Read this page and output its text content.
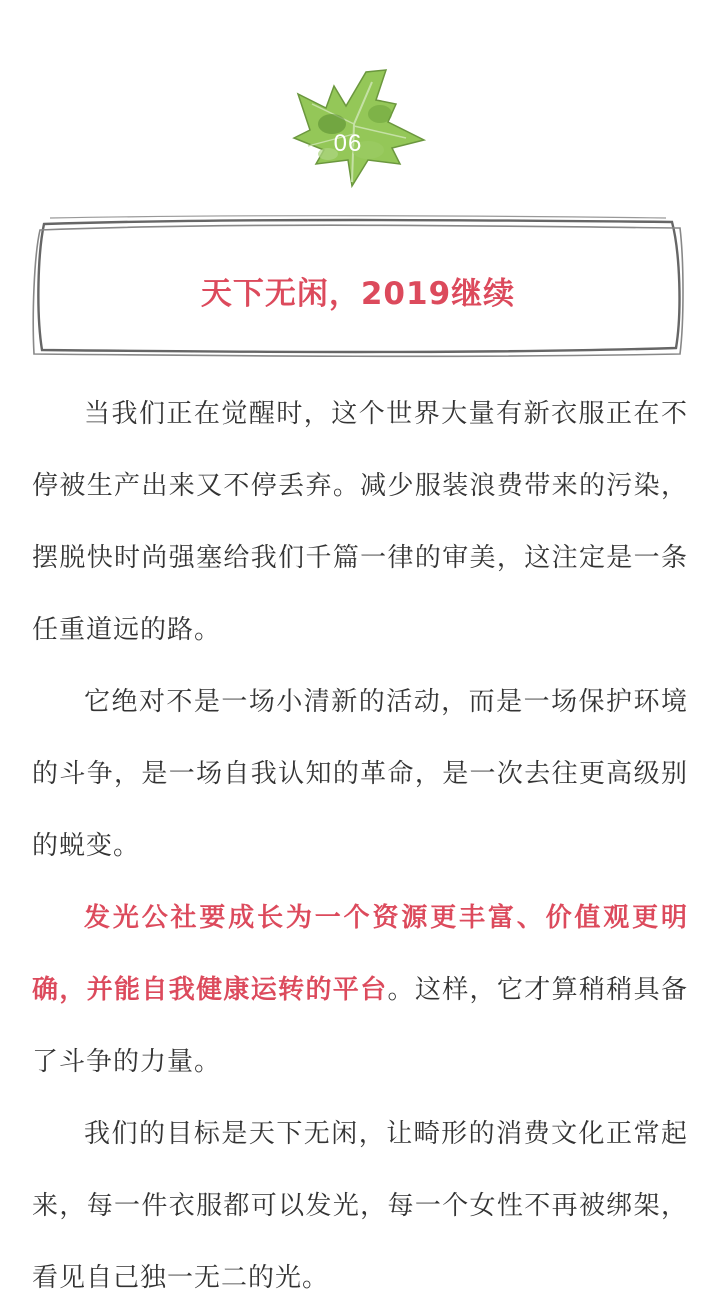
06
天下无闲，2019继续

当我们正在觉醒时，这个世界大量有新衣服正在不停被生产出来又不停丢弃。减少服装浪费带来的污染，摆脱快时尚强塞给我们千篇一律的审美，这注定是一条任重道远的路。

它绝对不是一场小清新的活动，而是一场保护环境的斗争，是一场自我认知的革命，是一次去往更高级别的蜕变。

发光公社要成长为一个资源更丰富、价值观更明确，并能自我健康运转的平台。这样，它才算稍稍具备了斗争的力量。

我们的目标是天下无闲，让畸形的消费文化正常起来，每一件衣服都可以发光，每一个女性不再被绑架，看见自己独一无二的光。
